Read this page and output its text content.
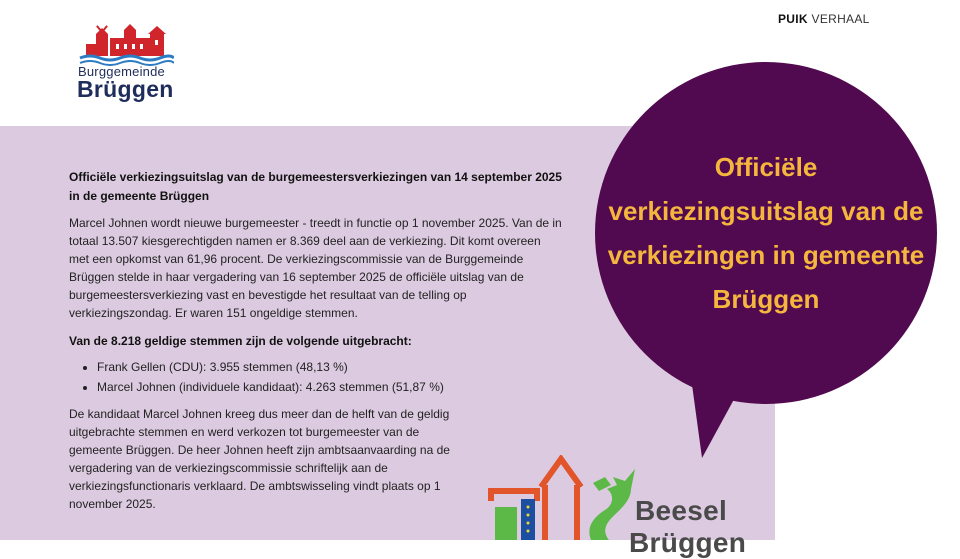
Burggemeinde
Brüggen
PUIK VERHAAL
Officiële verkiezingsuitslag van de burgemeestersverkiezingen van 14 september 2025 in de gemeente Brüggen

Marcel Johnen wordt nieuwe burgemeester - treedt in functie op 1 november 2025. Van de in totaal 13.507 kiesgerechtigden namen er 8.369 deel aan de verkiezing. Dit komt overeen met een opkomst van 61,96 procent. De verkiezingscommissie van de Burggemeinde Brüggen stelde in haar vergadering van 16 september 2025 de officiële uitslag van de burgemeestersverkiezing vast en bevestigde het resultaat van de telling op verkiezingszondag. Er waren 151 ongeldige stemmen.

Van de 8.218 geldige stemmen zijn de volgende uitgebracht:

• Frank Gellen (CDU): 3.955 stemmen (48,13 %)
• Marcel Johnen (individuele kandidaat): 4.263 stemmen (51,87 %)

De kandidaat Marcel Johnen kreeg dus meer dan de helft van de geldig uitgebrachte stemmen en werd verkozen tot burgemeester van de gemeente Brüggen. De heer Johnen heeft zijn ambtsaanvaarding na de vergadering van de verkiezingscommissie schriftelijk aan de verkiezingsfunctionaris verklaard. De ambtswisseling vindt plaats op 1 november 2025.

Officiële verkiezingsuitslag van de verkiezingen in gemeente Brüggen
Beesel
Brüggen
